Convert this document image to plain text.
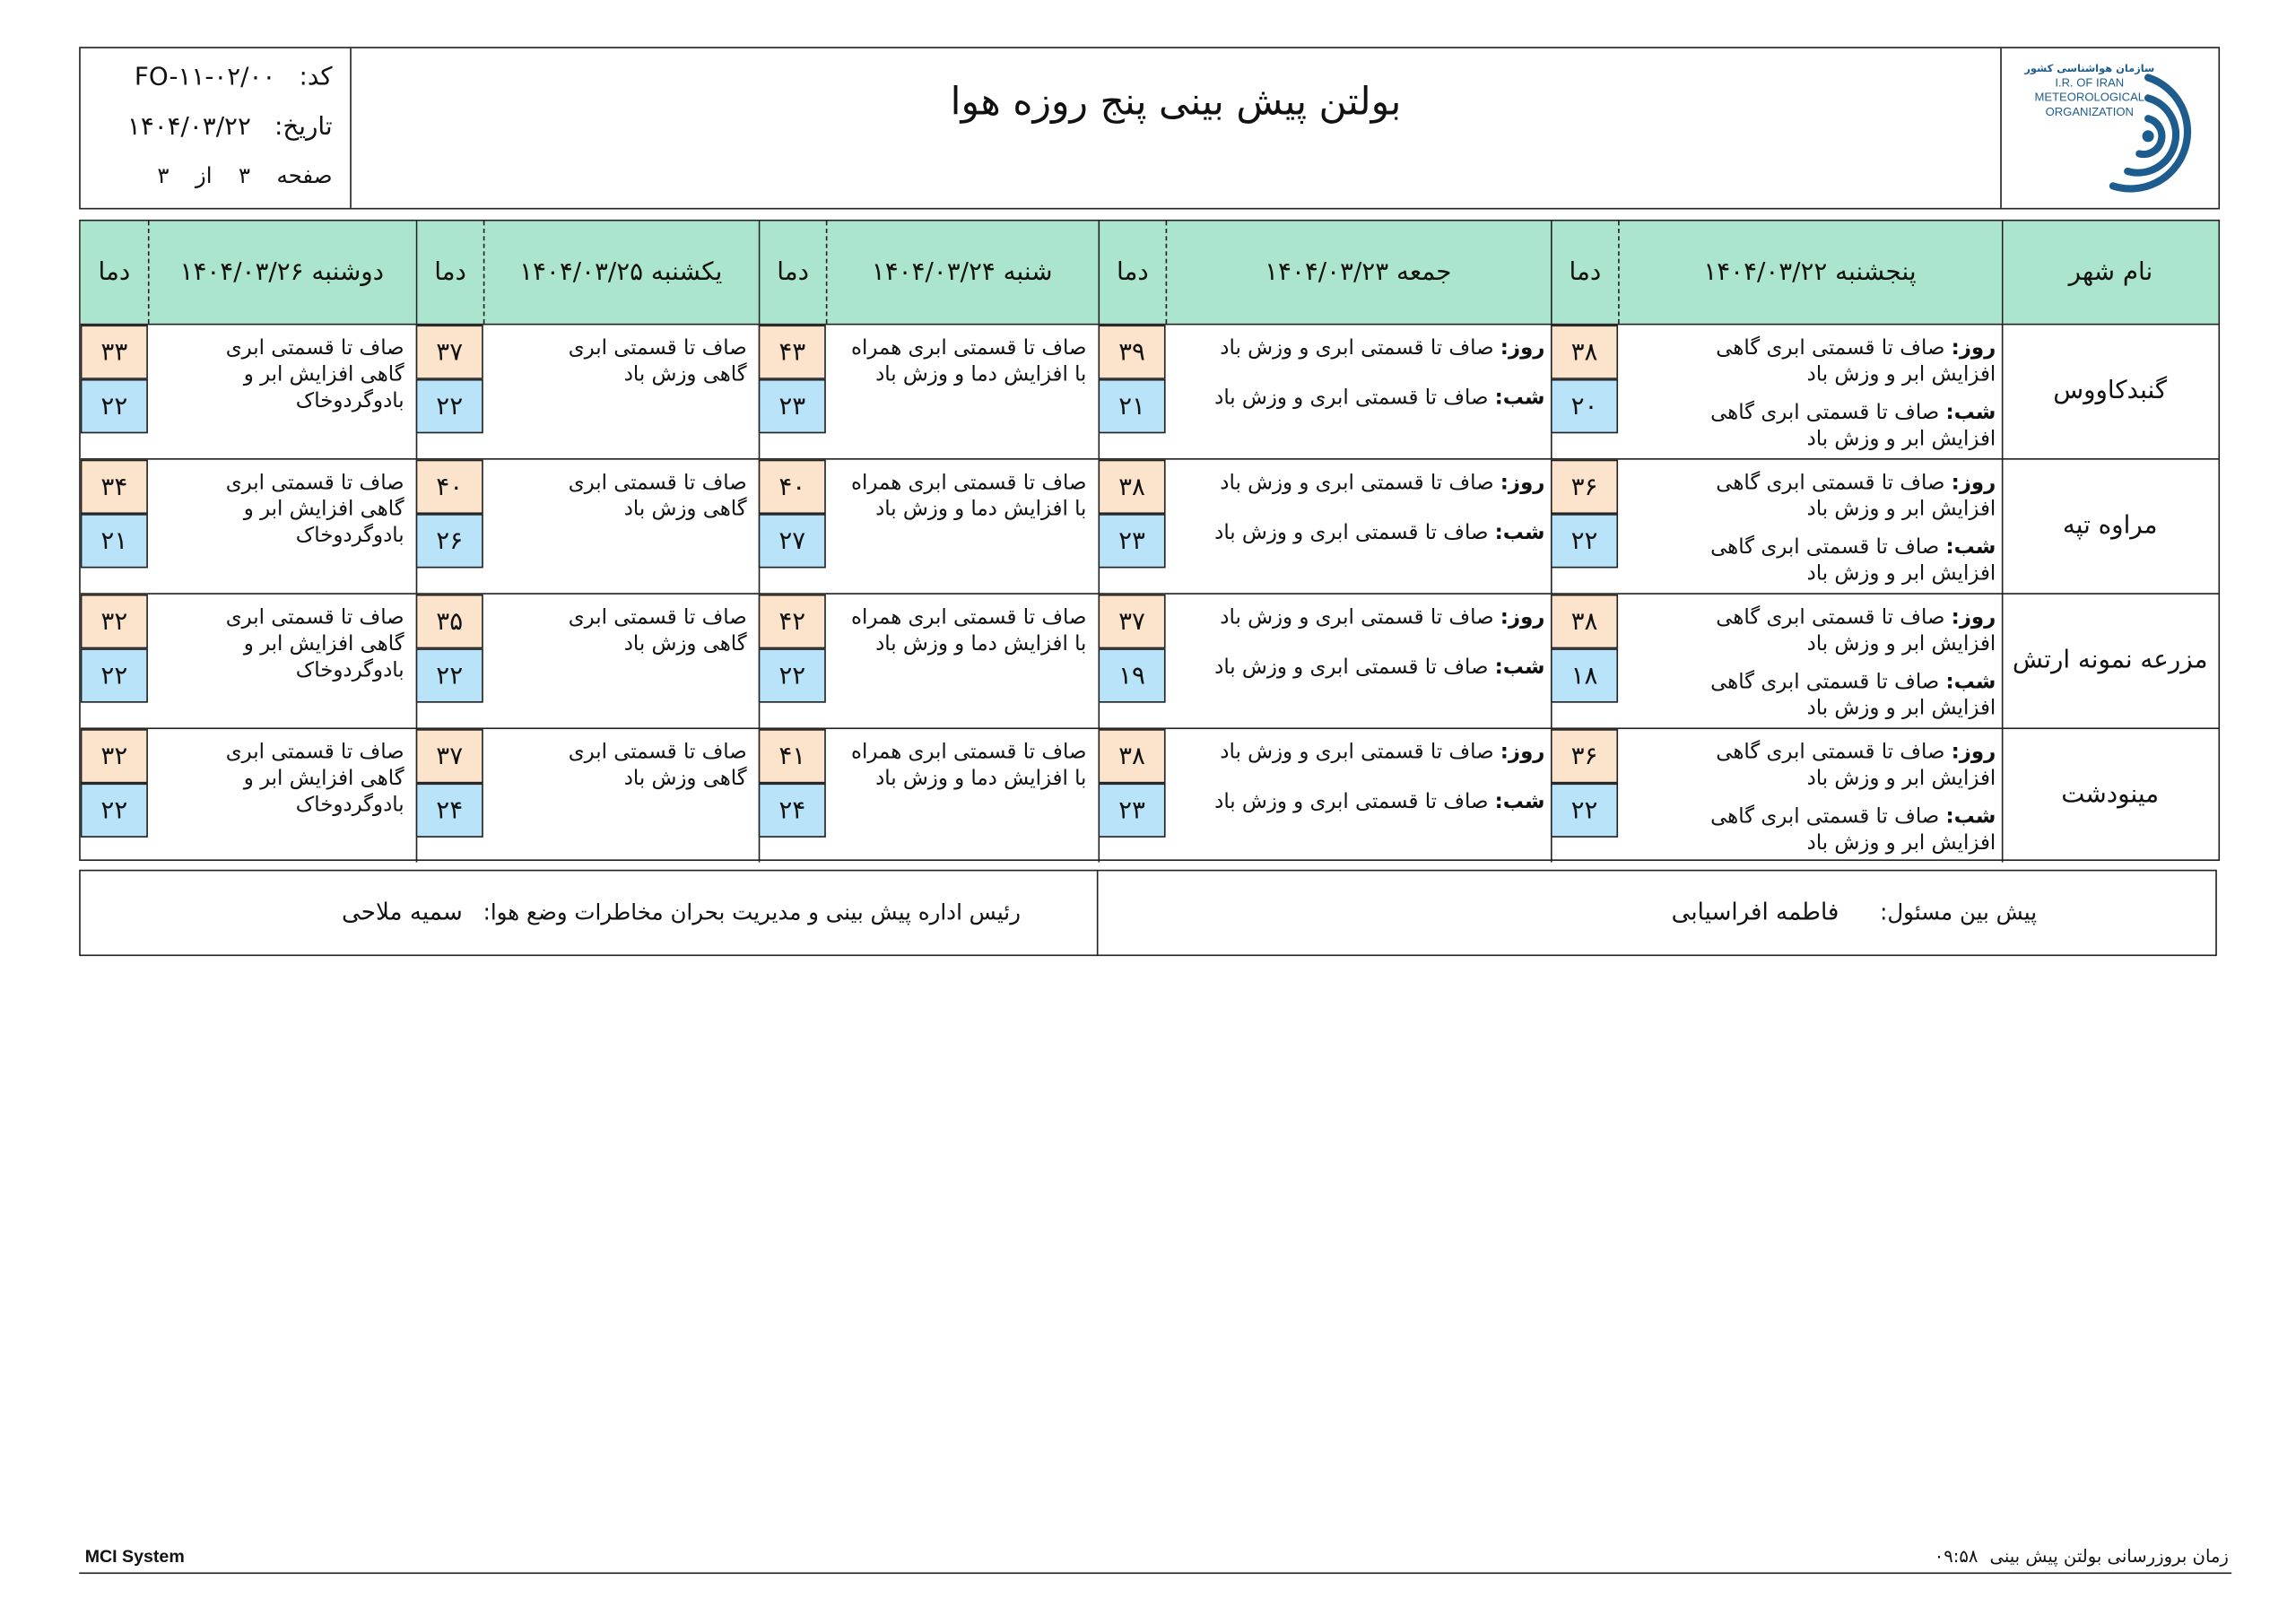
سازمان هواشناسی کشور
I.R. OF IRAN
METEOROLOGICAL
ORGANIZATION
بولتن پیش بینی پنج روزه هوا
کد:
FO-۱۱-۰۲/۰۰
تاریخ:
۱۴۰۴/۰۳/۲۲
صفحه
۳
از
۳
نام شهر
پنجشنبه ۱۴۰۴/۰۳/۲۲
دما
جمعه ۱۴۰۴/۰۳/۲۳
دما
شنبه ۱۴۰۴/۰۳/۲۴
دما
یکشنبه ۱۴۰۴/۰۳/۲۵
دما
دوشنبه ۱۴۰۴/۰۳/۲۶
دما
گنبدکاووس
۳۸
۲۰
روز: صاف تا قسمتی ابری گاهی افزایش ابر و وزش باد
شب: صاف تا قسمتی ابری گاهی افزایش ابر و وزش باد
۳۹
۲۱
روز: صاف تا قسمتی ابری و وزش باد
شب: صاف تا قسمتی ابری و وزش باد
۴۳
۲۳
صاف تا قسمتی ابری همراه با افزایش دما و وزش باد
۳۷
۲۲
صاف تا قسمتی ابری گاهی وزش باد
۳۳
۲۲
صاف تا قسمتی ابری گاهی افزایش ابر و بادوگردوخاک
مراوه تپه
۳۶
۲۲
روز: صاف تا قسمتی ابری گاهی افزایش ابر و وزش باد
شب: صاف تا قسمتی ابری گاهی افزایش ابر و وزش باد
۳۸
۲۳
روز: صاف تا قسمتی ابری و وزش باد
شب: صاف تا قسمتی ابری و وزش باد
۴۰
۲۷
صاف تا قسمتی ابری همراه با افزایش دما و وزش باد
۴۰
۲۶
صاف تا قسمتی ابری گاهی وزش باد
۳۴
۲۱
صاف تا قسمتی ابری گاهی افزایش ابر و بادوگردوخاک
مزرعه نمونه ارتش
۳۸
۱۸
روز: صاف تا قسمتی ابری گاهی افزایش ابر و وزش باد
شب: صاف تا قسمتی ابری گاهی افزایش ابر و وزش باد
۳۷
۱۹
روز: صاف تا قسمتی ابری و وزش باد
شب: صاف تا قسمتی ابری و وزش باد
۴۲
۲۲
صاف تا قسمتی ابری همراه با افزایش دما و وزش باد
۳۵
۲۲
صاف تا قسمتی ابری گاهی وزش باد
۳۲
۲۲
صاف تا قسمتی ابری گاهی افزایش ابر و بادوگردوخاک
مینودشت
۳۶
۲۲
روز: صاف تا قسمتی ابری گاهی افزایش ابر و وزش باد
شب: صاف تا قسمتی ابری گاهی افزایش ابر و وزش باد
۳۸
۲۳
روز: صاف تا قسمتی ابری و وزش باد
شب: صاف تا قسمتی ابری و وزش باد
۴۱
۲۴
صاف تا قسمتی ابری همراه با افزایش دما و وزش باد
۳۷
۲۴
صاف تا قسمتی ابری گاهی وزش باد
۳۲
۲۲
صاف تا قسمتی ابری گاهی افزایش ابر و بادوگردوخاک
پیش بین مسئول:
فاطمه افراسیابی
رئیس اداره پیش بینی و مدیریت بحران مخاطرات وضع هوا:
سمیه ملاحی
MCI System	زمان بروزرسانی بولتن پیش بینی
۰۹:۵۸
